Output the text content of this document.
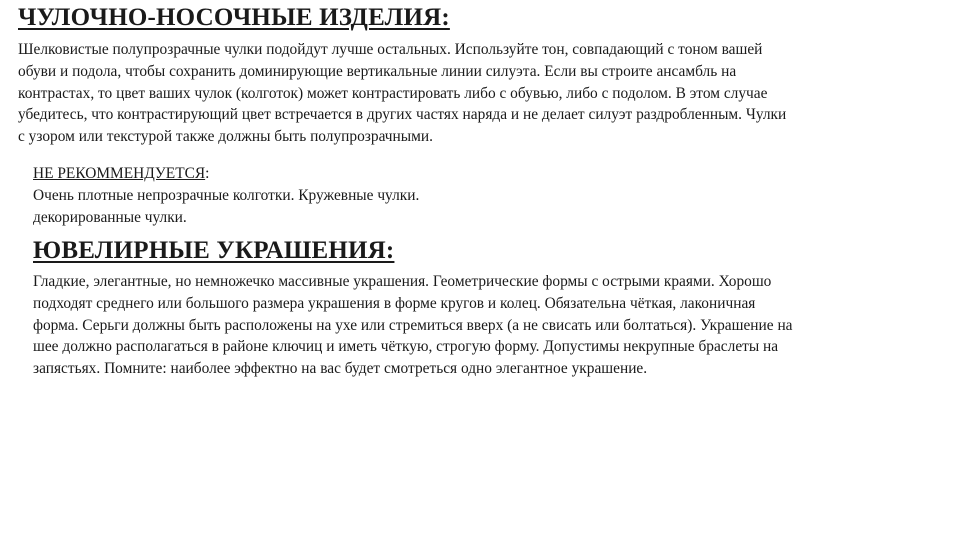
ЧУЛОЧНО-НОСОЧНЫЕ ИЗДЕЛИЯ:

Шелковистые полупрозрачные чулки подойдут лучше остальных. Используйте тон, совпадающий с тоном вашей
обуви и подола, чтобы сохранить доминирующие вертикальные линии силуэта. Если вы строите ансамбль на
контрастах, то цвет ваших чулок (колготок) может контрастировать либо с обувью, либо с подолом. В этом случае
убедитесь, что контрастирующий цвет встречается в других частях наряда и не делает силуэт раздробленным. Чулки
с узором или текстурой также должны быть полупрозрачными.

НЕ РЕКОММЕНДУЕТСЯ:
Очень плотные непрозрачные колготки. Кружевные чулки.
декорированные чулки.
ЮВЕЛИРНЫЕ УКРАШЕНИЯ:

Гладкие, элегантные, но немножечко массивные украшения. Геометрические формы с острыми краями. Хорошо
подходят среднего или большого размера украшения в форме кругов и колец. Обязательна чёткая, лаконичная
форма. Серьги должны быть расположены на ухе или стремиться вверх (а не свисать или болтаться). Украшение на
шее должно располагаться в районе ключиц и иметь чёткую, строгую форму. Допустимы некрупные браслеты на
запястьях. Помните: наиболее эффектно на вас будет смотреться одно элегантное украшение.
